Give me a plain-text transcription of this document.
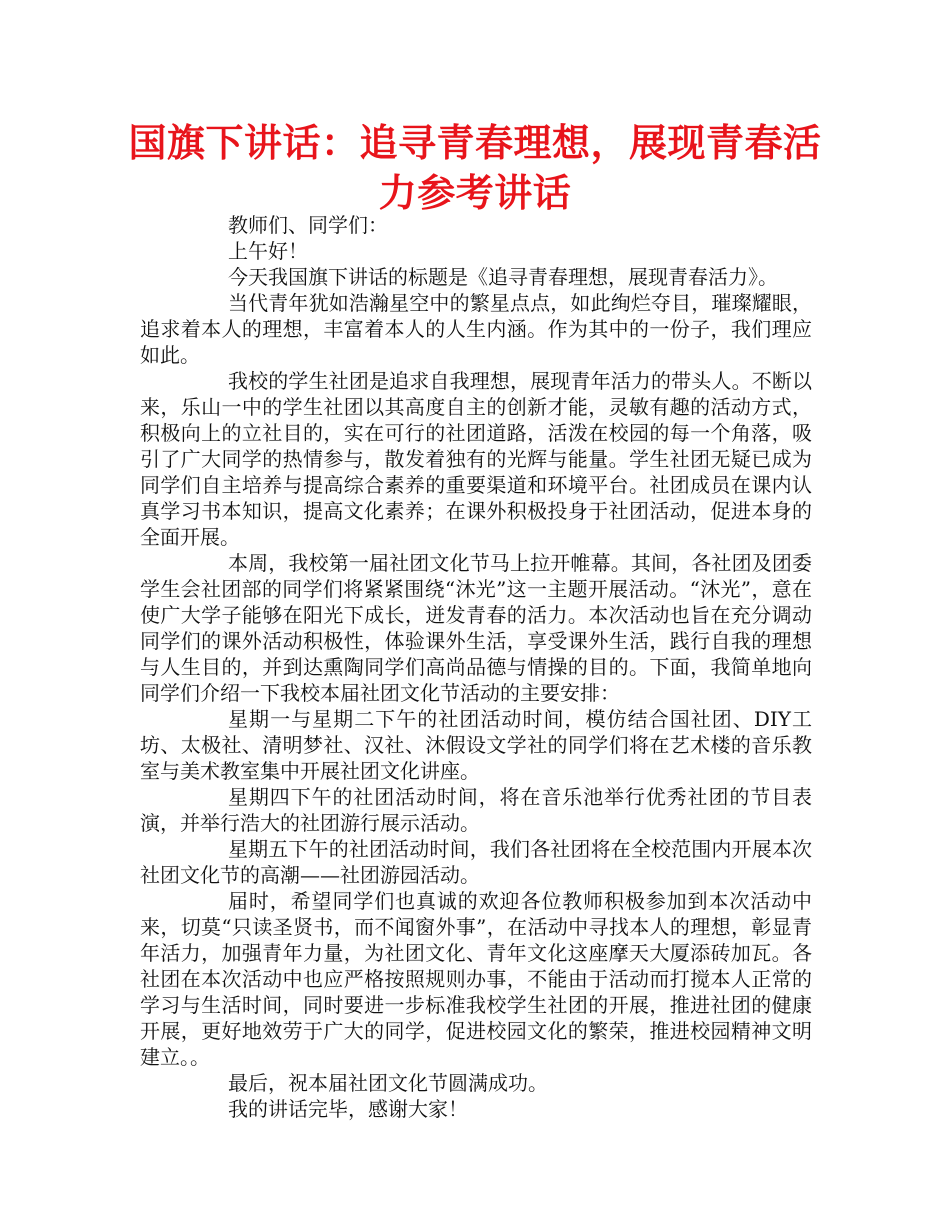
国旗下讲话：追寻青春理想，展现青春活力参考讲话

教师们、同学们：

上午好！

今天我国旗下讲话的标题是《追寻青春理想，展现青春活力》。

当代青年犹如浩瀚星空中的繁星点点，如此绚烂夺目，璀璨耀眼，追求着本人的理想，丰富着本人的人生内涵。作为其中的一份子，我们理应如此。

我校的学生社团是追求自我理想，展现青年活力的带头人。不断以来，乐山一中的学生社团以其高度自主的创新才能，灵敏有趣的活动方式，积极向上的立社目的，实在可行的社团道路，活泼在校园的每一个角落，吸引了广大同学的热情参与，散发着独有的光辉与能量。学生社团无疑已成为同学们自主培养与提高综合素养的重要渠道和环境平台。社团成员在课内认真学习书本知识，提高文化素养；在课外积极投身于社团活动，促进本身的全面开展。

本周，我校第一届社团文化节马上拉开帷幕。其间，各社团及团委学生会社团部的同学们将紧紧围绕“沐光”这一主题开展活动。“沐光”，意在使广大学子能够在阳光下成长，迸发青春的活力。本次活动也旨在充分调动同学们的课外活动积极性，体验课外生活，享受课外生活，践行自我的理想与人生目的，并到达熏陶同学们高尚品德与情操的目的。下面，我简单地向同学们介绍一下我校本届社团文化节活动的主要安排：

星期一与星期二下午的社团活动时间，模仿结合国社团、DIY工坊、太极社、清明梦社、汉社、沐假设文学社的同学们将在艺术楼的音乐教室与美术教室集中开展社团文化讲座。

星期四下午的社团活动时间，将在音乐池举行优秀社团的节目表演，并举行浩大的社团游行展示活动。

星期五下午的社团活动时间，我们各社团将在全校范围内开展本次社团文化节的高潮——社团游园活动。

届时，希望同学们也真诚的欢迎各位教师积极参加到本次活动中来，切莫“只读圣贤书，而不闻窗外事”，在活动中寻找本人的理想，彰显青年活力，加强青年力量，为社团文化、青年文化这座摩天大厦添砖加瓦。各社团在本次活动中也应严格按照规则办事，不能由于活动而打搅本人正常的学习与生活时间，同时要进一步标准我校学生社团的开展，推进社团的健康开展，更好地效劳于广大的同学，促进校园文化的繁荣，推进校园精神文明建立。。

最后，祝本届社团文化节圆满成功。

我的讲话完毕，感谢大家！
